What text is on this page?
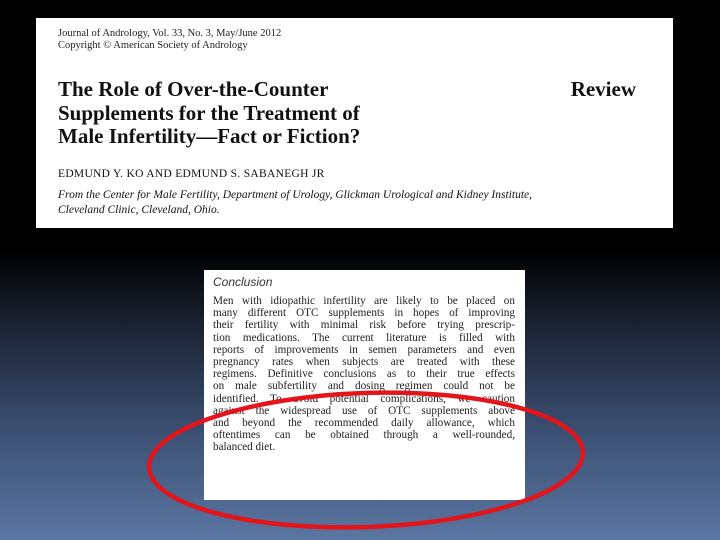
Journal of Andrology, Vol. 33, No. 3, May/June 2012
Copyright © American Society of Andrology
The Role of Over-the-Counter
Supplements for the Treatment of
Male Infertility—Fact or Fiction?
Review
EDMUND Y. KO AND EDMUND S. SABANEGH JR
From the Center for Male Fertility, Department of Urology, Glickman Urological and Kidney Institute,
Cleveland Clinic, Cleveland, Ohio.
Conclusion
Men with idiopathic infertility are likely to be placed on
many different OTC supplements in hopes of improving
their fertility with minimal risk before trying prescrip-
tion medications. The current literature is filled with
reports of improvements in semen parameters and even
pregnancy rates when subjects are treated with these
regimens. Definitive conclusions as to their true effects
on male subfertility and dosing regimen could not be
identified. To avoid potential complications, we caution
against the widespread use of OTC supplements above
and beyond the recommended daily allowance, which
oftentimes can be obtained through a well-rounded,
balanced diet.
